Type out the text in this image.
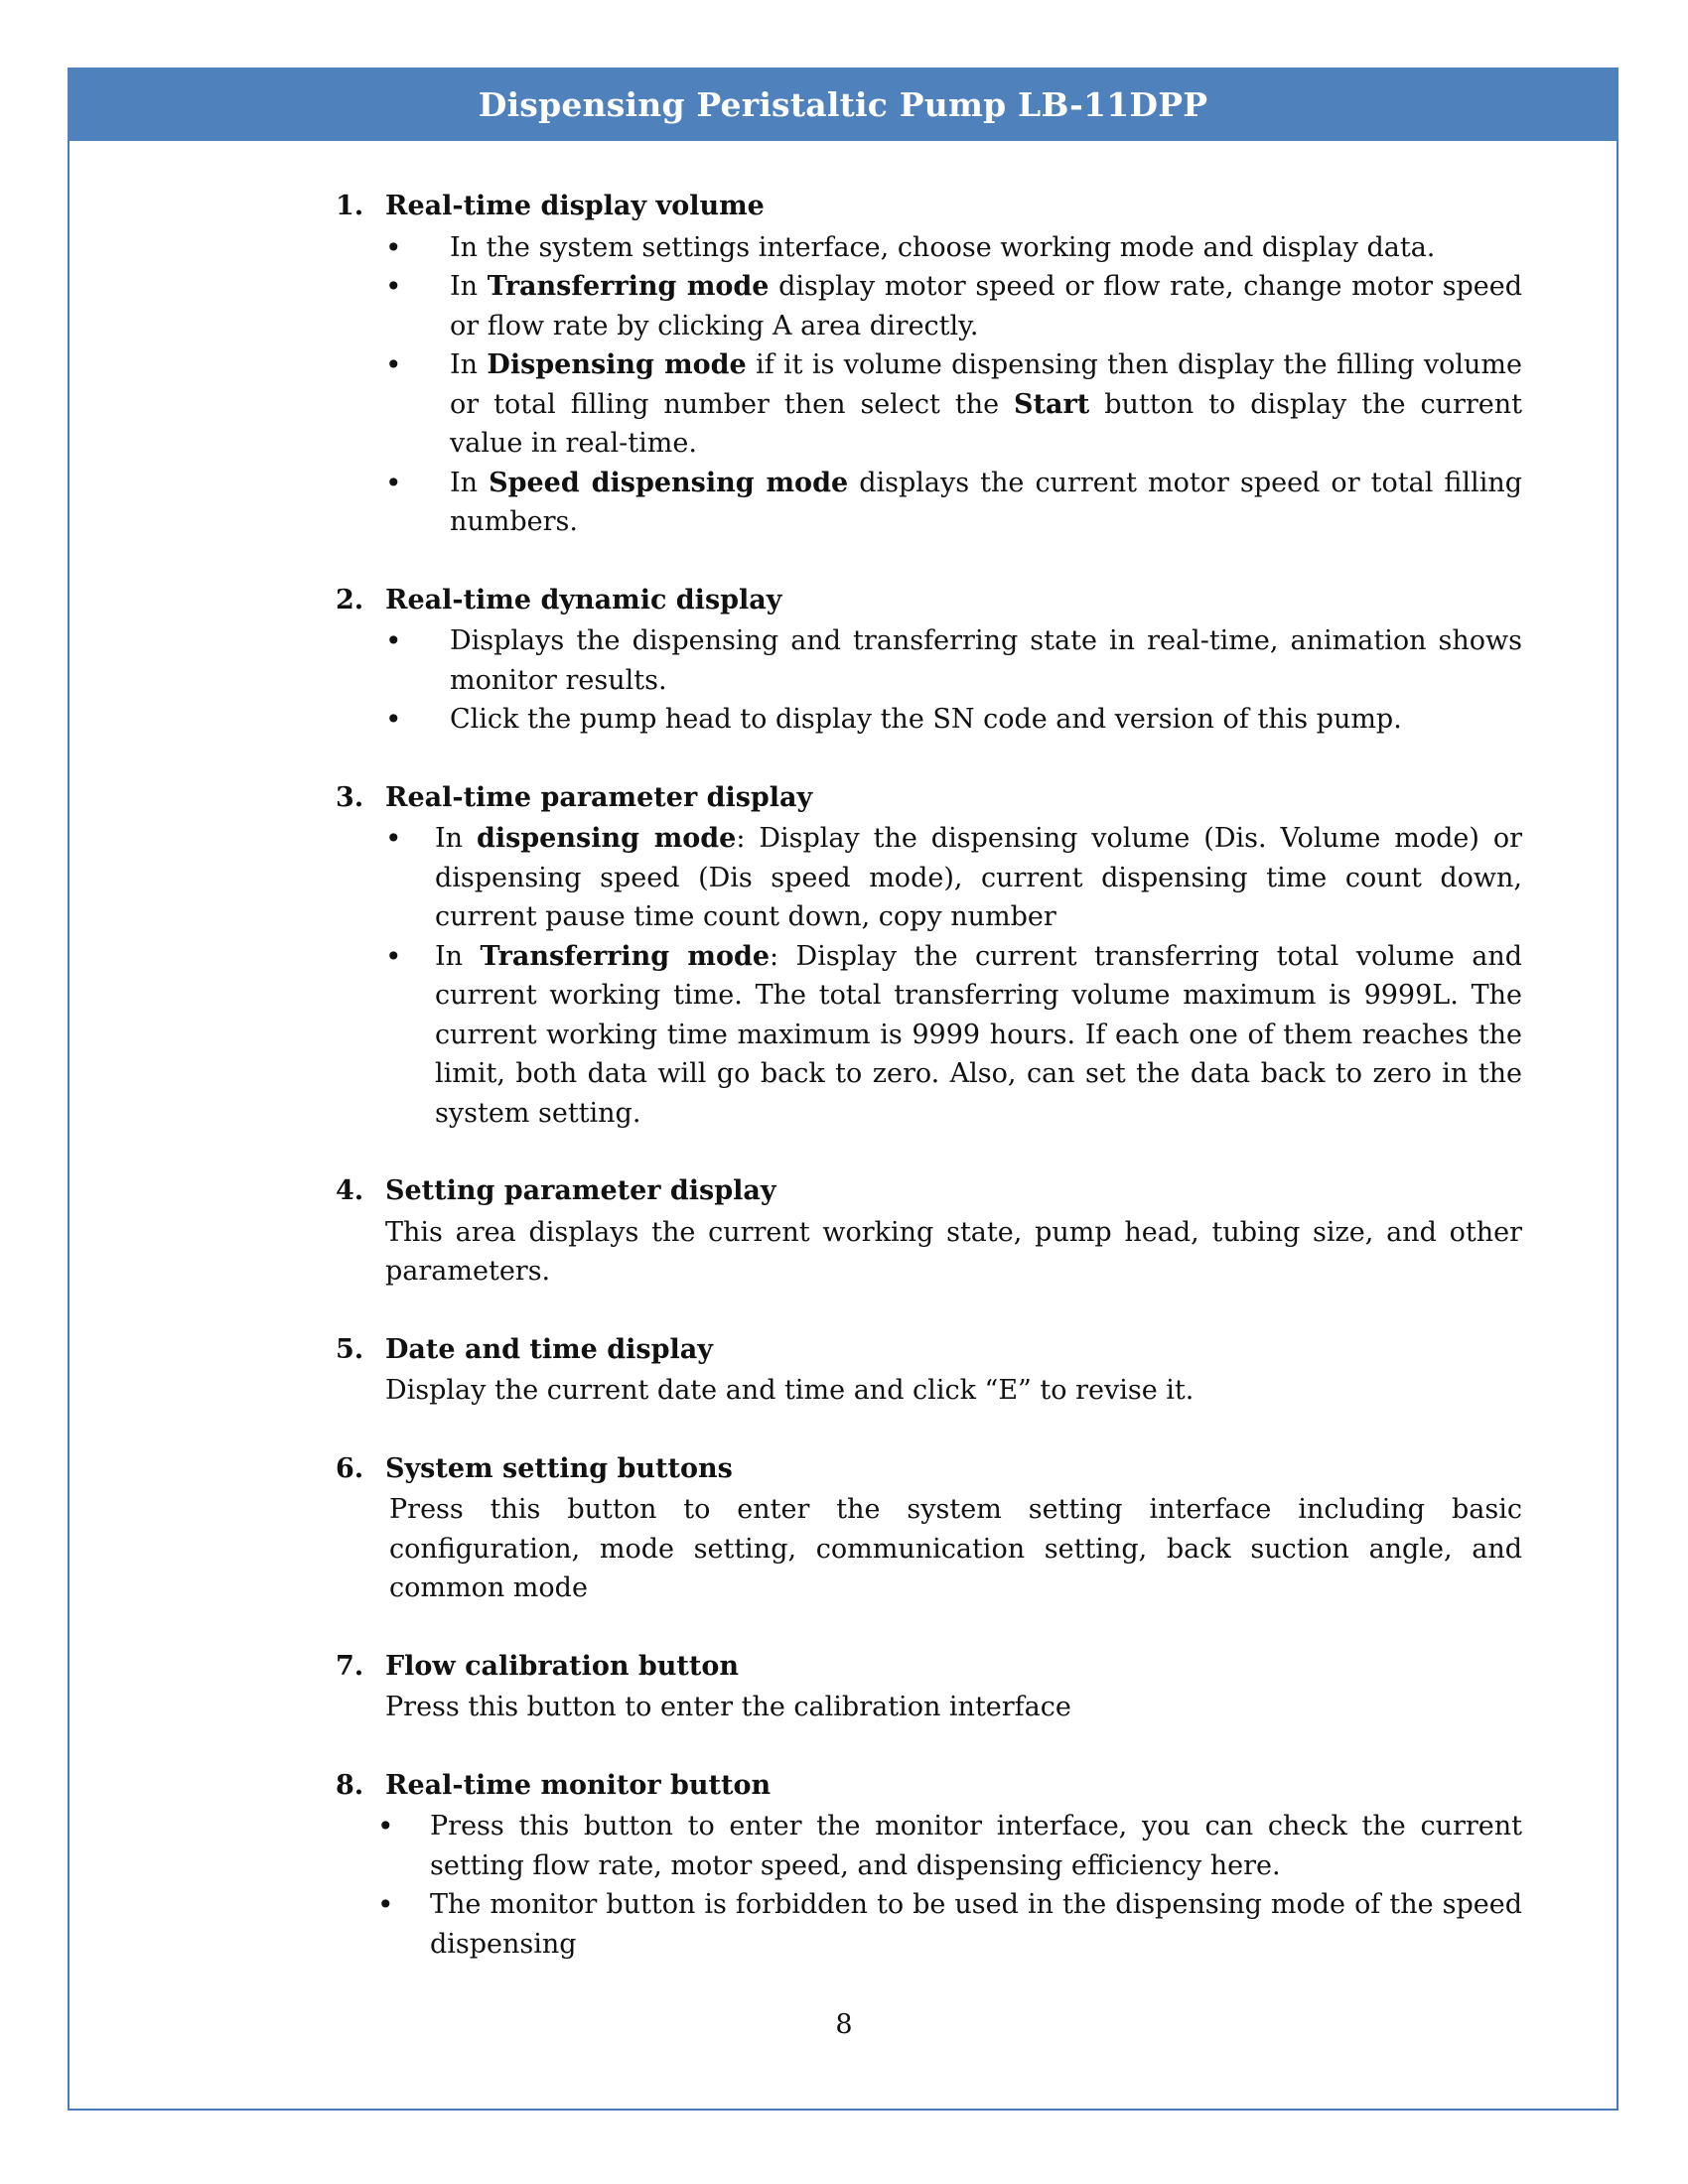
Dispensing Peristaltic Pump LB-11DPP
1. Real-time display volume
• In the system settings interface, choose working mode and display data.
• In Transferring mode display motor speed or flow rate, change motor speed or flow rate by clicking A area directly.
• In Dispensing mode if it is volume dispensing then display the filling volume or total filling number then select the Start button to display the current value in real-time.
• In Speed dispensing mode displays the current motor speed or total filling numbers.
2. Real-time dynamic display
• Displays the dispensing and transferring state in real-time, animation shows monitor results.
• Click the pump head to display the SN code and version of this pump.
3. Real-time parameter display
• In dispensing mode: Display the dispensing volume (Dis. Volume mode) or dispensing speed (Dis speed mode), current dispensing time count down, current pause time count down, copy number
• In Transferring mode: Display the current transferring total volume and current working time. The total transferring volume maximum is 9999L. The current working time maximum is 9999 hours. If each one of them reaches the limit, both data will go back to zero. Also, can set the data back to zero in the system setting.
4. Setting parameter display
This area displays the current working state, pump head, tubing size, and other parameters.
5. Date and time display
Display the current date and time and click “E” to revise it.
6. System setting buttons
Press this button to enter the system setting interface including basic configuration, mode setting, communication setting, back suction angle, and common mode
7. Flow calibration button
Press this button to enter the calibration interface
8. Real-time monitor button
• Press this button to enter the monitor interface, you can check the current setting flow rate, motor speed, and dispensing efficiency here.
• The monitor button is forbidden to be used in the dispensing mode of the speed dispensing
8
